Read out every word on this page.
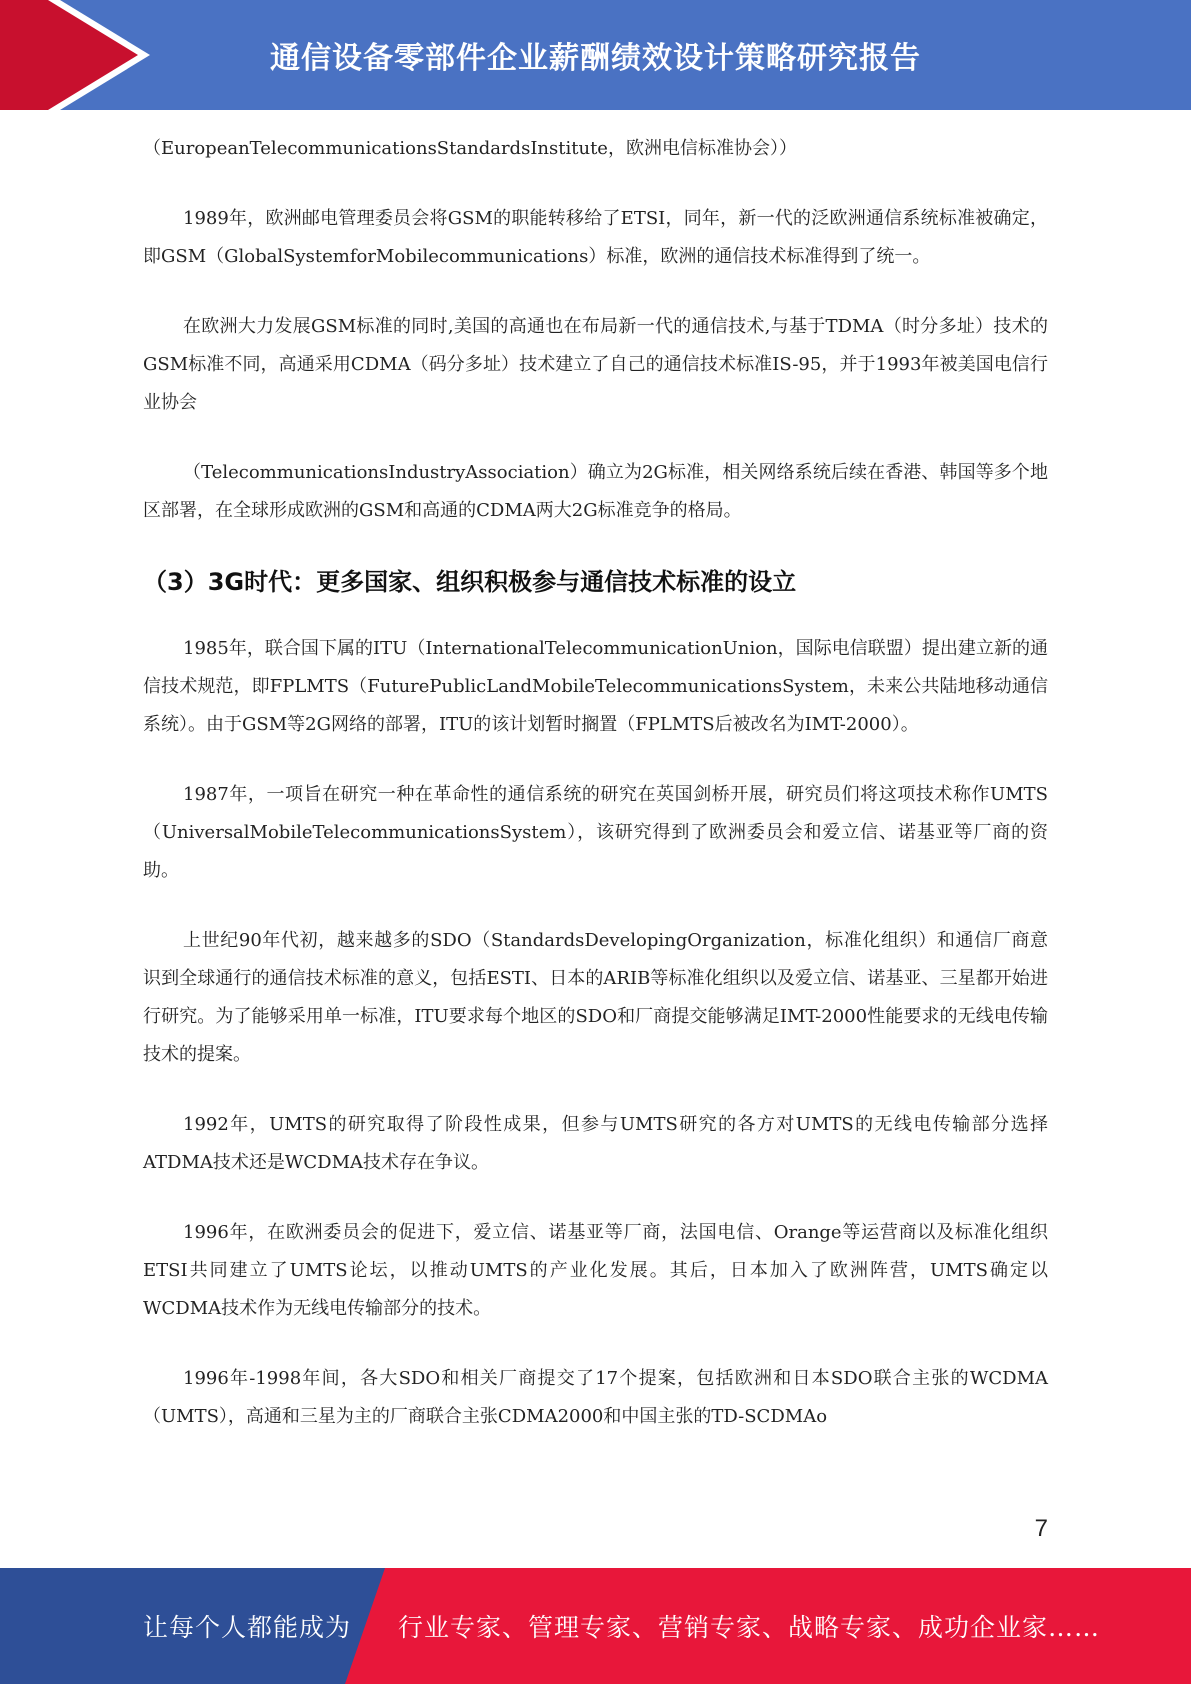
通信设备零部件企业薪酬绩效设计策略研究报告

（EuropeanTelecommunicationsStandardsInstitute，欧洲电信标准协会））

1989年，欧洲邮电管理委员会将GSM的职能转移给了ETSI，同年，新一代的泛欧洲通信系统标准被确定，即GSM（GlobalSystemforMobilecommunications）标准，欧洲的通信技术标准得到了统一。

在欧洲大力发展GSM标准的同时,美国的高通也在布局新一代的通信技术,与基于TDMA（时分多址）技术的GSM标准不同，高通采用CDMA（码分多址）技术建立了自己的通信技术标准IS-95，并于1993年被美国电信行业协会

（TelecommunicationsIndustryAssociation）确立为2G标准，相关网络系统后续在香港、韩国等多个地区部署，在全球形成欧洲的GSM和高通的CDMA两大2G标准竞争的格局。

（3）3G时代：更多国家、组织积极参与通信技术标准的设立

1985年，联合国下属的ITU（InternationalTelecommunicationUnion，国际电信联盟）提出建立新的通信技术规范，即FPLMTS（FuturePublicLandMobileTelecommunicationsSystem，未来公共陆地移动通信系统）。由于GSM等2G网络的部署，ITU的该计划暂时搁置（FPLMTS后被改名为IMT-2000）。

1987年，一项旨在研究一种在革命性的通信系统的研究在英国剑桥开展，研究员们将这项技术称作UMTS（UniversalMobileTelecommunicationsSystem），该研究得到了欧洲委员会和爱立信、诺基亚等厂商的资助。

上世纪90年代初，越来越多的SDO（StandardsDevelopingOrganization，标准化组织）和通信厂商意识到全球通行的通信技术标准的意义，包括ESTI、日本的ARIB等标准化组织以及爱立信、诺基亚、三星都开始进行研究。为了能够采用单一标准，ITU要求每个地区的SDO和厂商提交能够满足IMT-2000性能要求的无线电传输技术的提案。

1992年，UMTS的研究取得了阶段性成果，但参与UMTS研究的各方对UMTS的无线电传输部分选择ATDMA技术还是WCDMA技术存在争议。

1996年，在欧洲委员会的促进下，爱立信、诺基亚等厂商，法国电信、Orange等运营商以及标准化组织ETSI共同建立了UMTS论坛，以推动UMTS的产业化发展。其后，日本加入了欧洲阵营，UMTS确定以WCDMA技术作为无线电传输部分的技术。

1996年-1998年间，各大SDO和相关厂商提交了17个提案，包括欧洲和日本SDO联合主张的WCDMA（UMTS），高通和三星为主的厂商联合主张CDMA2000和中国主张的TD-SCDMAo

7
让每个人都能成为 行业专家、管理专家、营销专家、战略专家、成功企业家……
